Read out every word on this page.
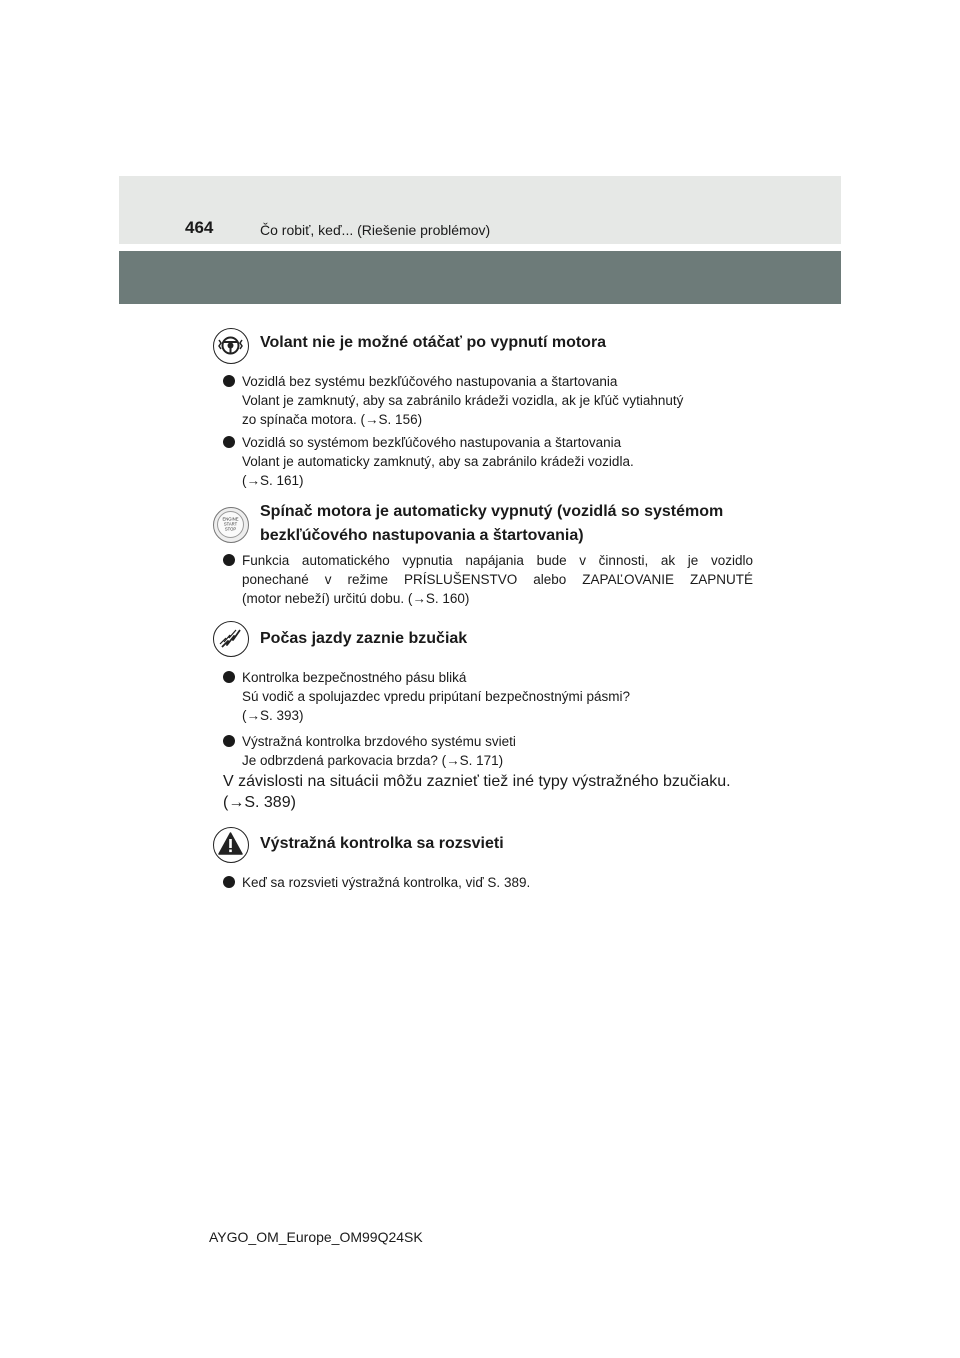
464	Čo robiť, keď... (Riešenie problémov)
Volant nie je možné otáčať po vypnutí motora
Vozidlá bez systému bezkľúčového nastupovania a štartovania
Volant je zamknutý, aby sa zabránilo krádeži vozidla, ak je kľúč vytiahnutý
zo spínača motora. (→S. 156)
Vozidlá so systémom bezkľúčového nastupovania a štartovania
Volant je automaticky zamknutý, aby sa zabránilo krádeži vozidla.
(→S. 161)
ENGINE
START
STOP
Spínač motora je automaticky vypnutý (vozidlá so systémom
bezkľúčového nastupovania a štartovania)
Funkcia automatického vypnutia napájania bude v činnosti, ak je vozidlo
ponechané v režime PRÍSLUŠENSTVO alebo ZAPAĽOVANIE ZAPNUTÉ
(motor nebeží) určitú dobu. (→S. 160)
Počas jazdy zaznie bzučiak
Kontrolka bezpečnostného pásu bliká
Sú vodič a spolujazdec vpredu pripútaní bezpečnostnými pásmi?
(→S. 393)
Výstražná kontrolka brzdového systému svieti
Je odbrzdená parkovacia brzda? (→S. 171)
V závislosti na situácii môžu zaznieť tiež iné typy výstražného bzučiaku.
(→S. 389)
Výstražná kontrolka sa rozsvieti
Keď sa rozsvieti výstražná kontrolka, viď S. 389.
AYGO_OM_Europe_OM99Q24SK
